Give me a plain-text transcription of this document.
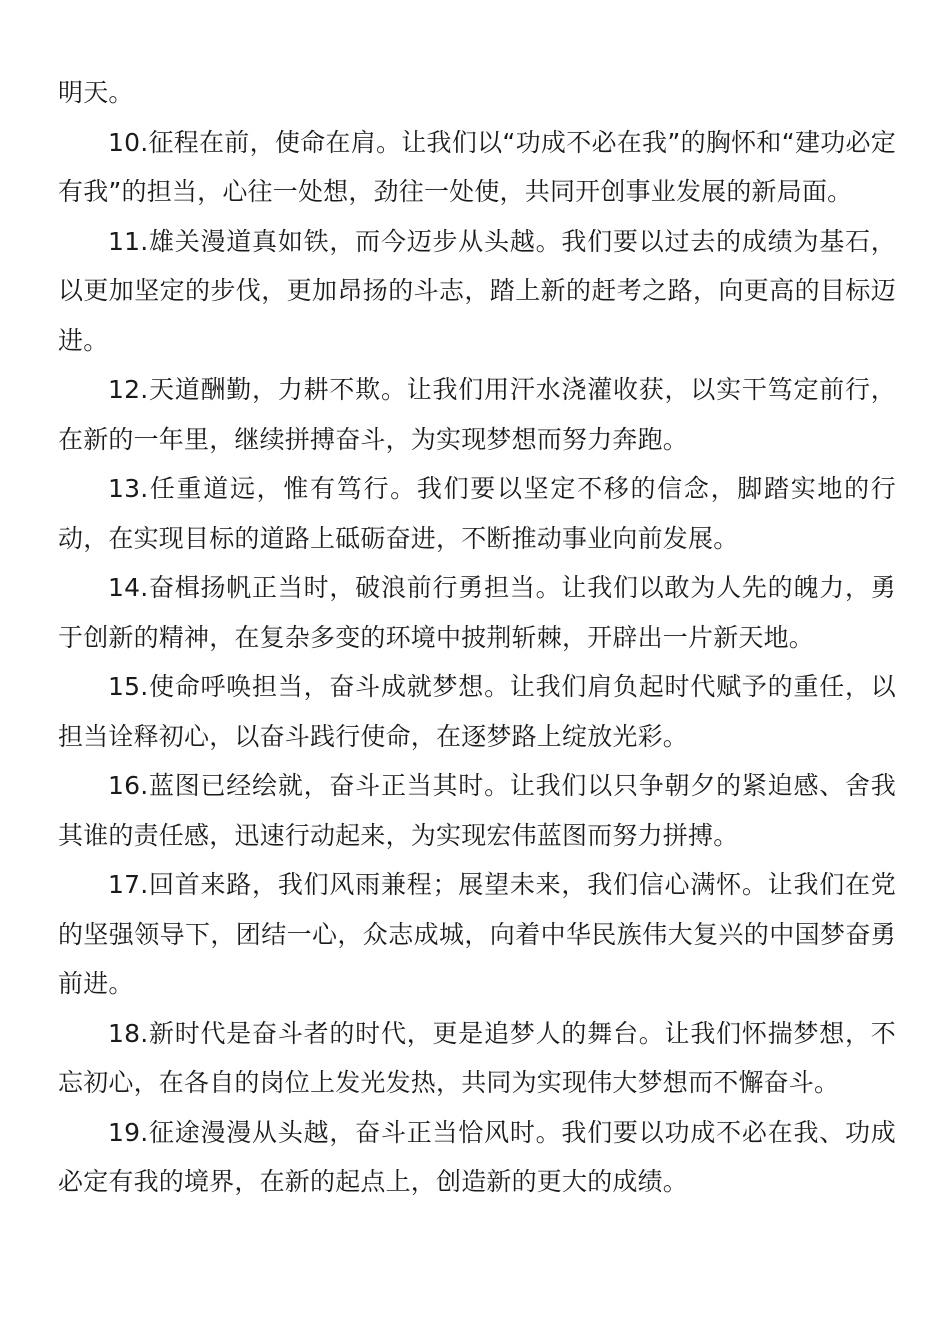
明天。

10.征程在前，使命在肩。让我们以“功成不必在我”的胸怀和“建功必定有我”的担当，心往一处想，劲往一处使，共同开创事业发展的新局面。

11.雄关漫道真如铁，而今迈步从头越。我们要以过去的成绩为基石，以更加坚定的步伐，更加昂扬的斗志，踏上新的赶考之路，向更高的目标迈进。

12.天道酬勤，力耕不欺。让我们用汗水浇灌收获，以实干笃定前行，在新的一年里，继续拼搏奋斗，为实现梦想而努力奔跑。

13.任重道远，惟有笃行。我们要以坚定不移的信念，脚踏实地的行动，在实现目标的道路上砥砺奋进，不断推动事业向前发展。

14.奋楫扬帆正当时，破浪前行勇担当。让我们以敢为人先的魄力，勇于创新的精神，在复杂多变的环境中披荆斩棘，开辟出一片新天地。

15.使命呼唤担当，奋斗成就梦想。让我们肩负起时代赋予的重任，以担当诠释初心，以奋斗践行使命，在逐梦路上绽放光彩。

16.蓝图已经绘就，奋斗正当其时。让我们以只争朝夕的紧迫感、舍我其谁的责任感，迅速行动起来，为实现宏伟蓝图而努力拼搏。

17.回首来路，我们风雨兼程；展望未来，我们信心满怀。让我们在党的坚强领导下，团结一心，众志成城，向着中华民族伟大复兴的中国梦奋勇前进。

18.新时代是奋斗者的时代，更是追梦人的舞台。让我们怀揣梦想，不忘初心，在各自的岗位上发光发热，共同为实现伟大梦想而不懈奋斗。

19.征途漫漫从头越，奋斗正当恰风时。我们要以功成不必在我、功成必定有我的境界，在新的起点上，创造新的更大的成绩。
